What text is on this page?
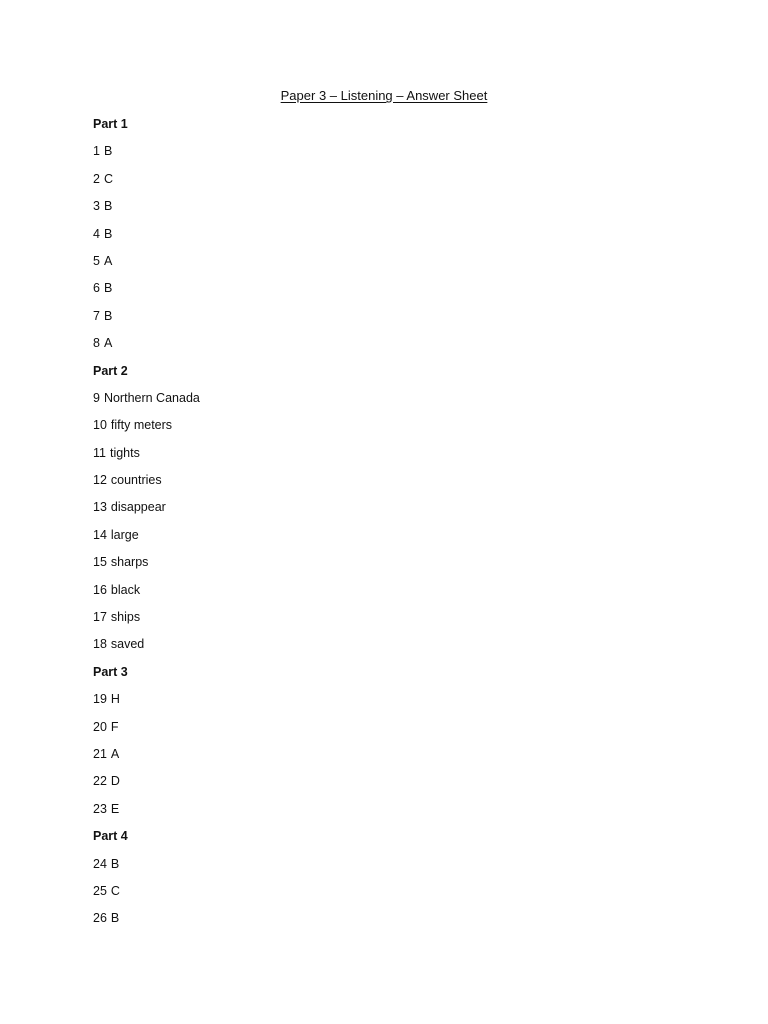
Paper 3 – Listening – Answer Sheet
Part 1
1 B
2 C
3 B
4 B
5 A
6 B
7 B
8 A
Part 2
9 Northern Canada
10 fifty meters
11 tights
12 countries
13 disappear
14 large
15 sharps
16 black
17 ships
18 saved
Part 3
19 H
20 F
21 A
22 D
23 E
Part 4
24 B
25 C
26 B
